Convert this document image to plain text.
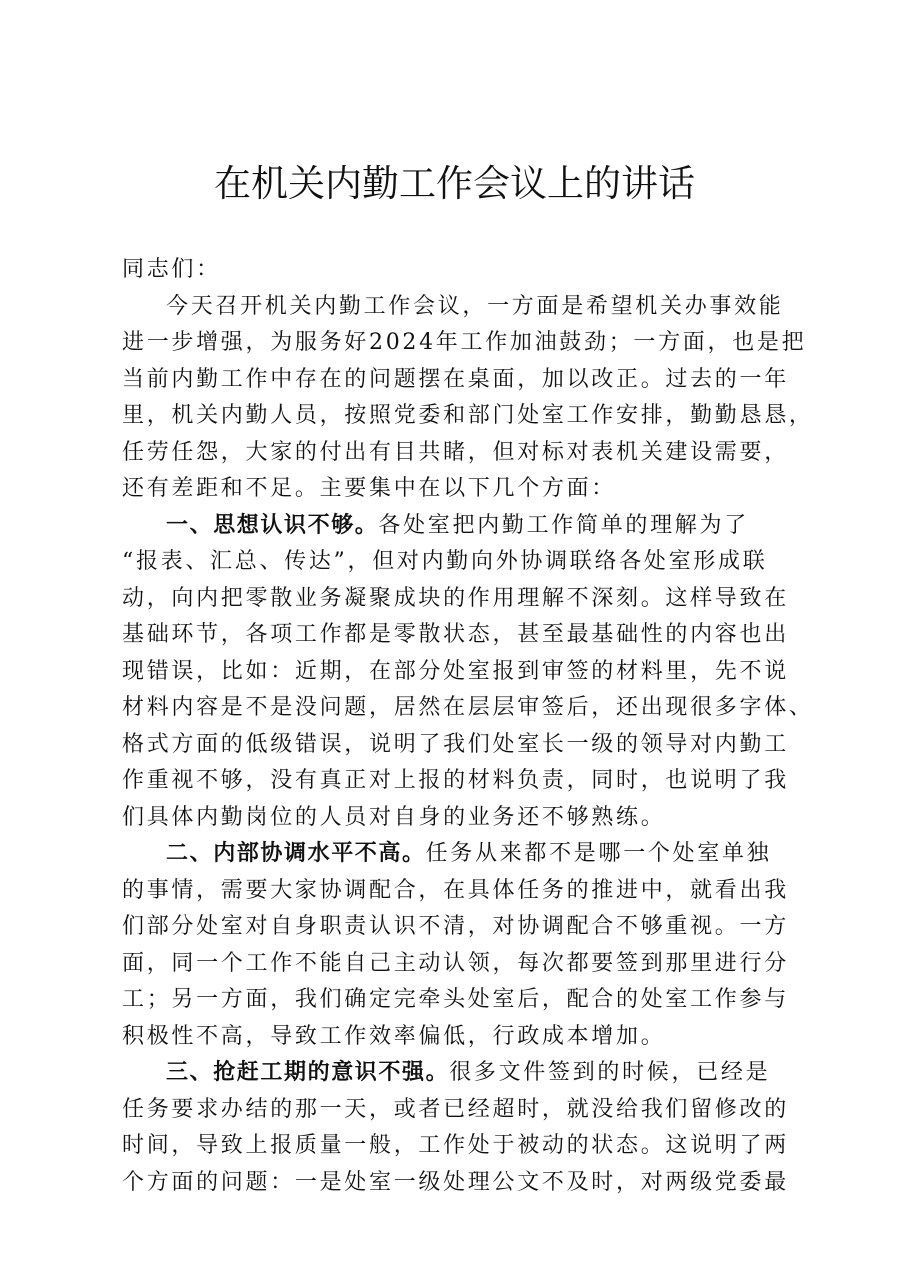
在机关内勤工作会议上的讲话
同志们：
今天召开机关内勤工作会议，一方面是希望机关办事效能
进一步增强，为服务好2024年工作加油鼓劲；一方面，也是把
当前内勤工作中存在的问题摆在桌面，加以改正。过去的一年
里，机关内勤人员，按照党委和部门处室工作安排，勤勤恳恳，
任劳任怨，大家的付出有目共睹，但对标对表机关建设需要，
还有差距和不足。主要集中在以下几个方面：
一、思想认识不够。各处室把内勤工作简单的理解为了
“报表、汇总、传达”，但对内勤向外协调联络各处室形成联
动，向内把零散业务凝聚成块的作用理解不深刻。这样导致在
基础环节，各项工作都是零散状态，甚至最基础性的内容也出
现错误，比如：近期，在部分处室报到审签的材料里，先不说
材料内容是不是没问题，居然在层层审签后，还出现很多字体、
格式方面的低级错误，说明了我们处室长一级的领导对内勤工
作重视不够，没有真正对上报的材料负责，同时，也说明了我
们具体内勤岗位的人员对自身的业务还不够熟练。
二、内部协调水平不高。任务从来都不是哪一个处室单独
的事情，需要大家协调配合，在具体任务的推进中，就看出我
们部分处室对自身职责认识不清，对协调配合不够重视。一方
面，同一个工作不能自己主动认领，每次都要签到那里进行分
工；另一方面，我们确定完牵头处室后，配合的处室工作参与
积极性不高，导致工作效率偏低，行政成本增加。
三、抢赶工期的意识不强。很多文件签到的时候，已经是
任务要求办结的那一天，或者已经超时，就没给我们留修改的
时间，导致上报质量一般，工作处于被动的状态。这说明了两
个方面的问题：一是处室一级处理公文不及时，对两级党委最
